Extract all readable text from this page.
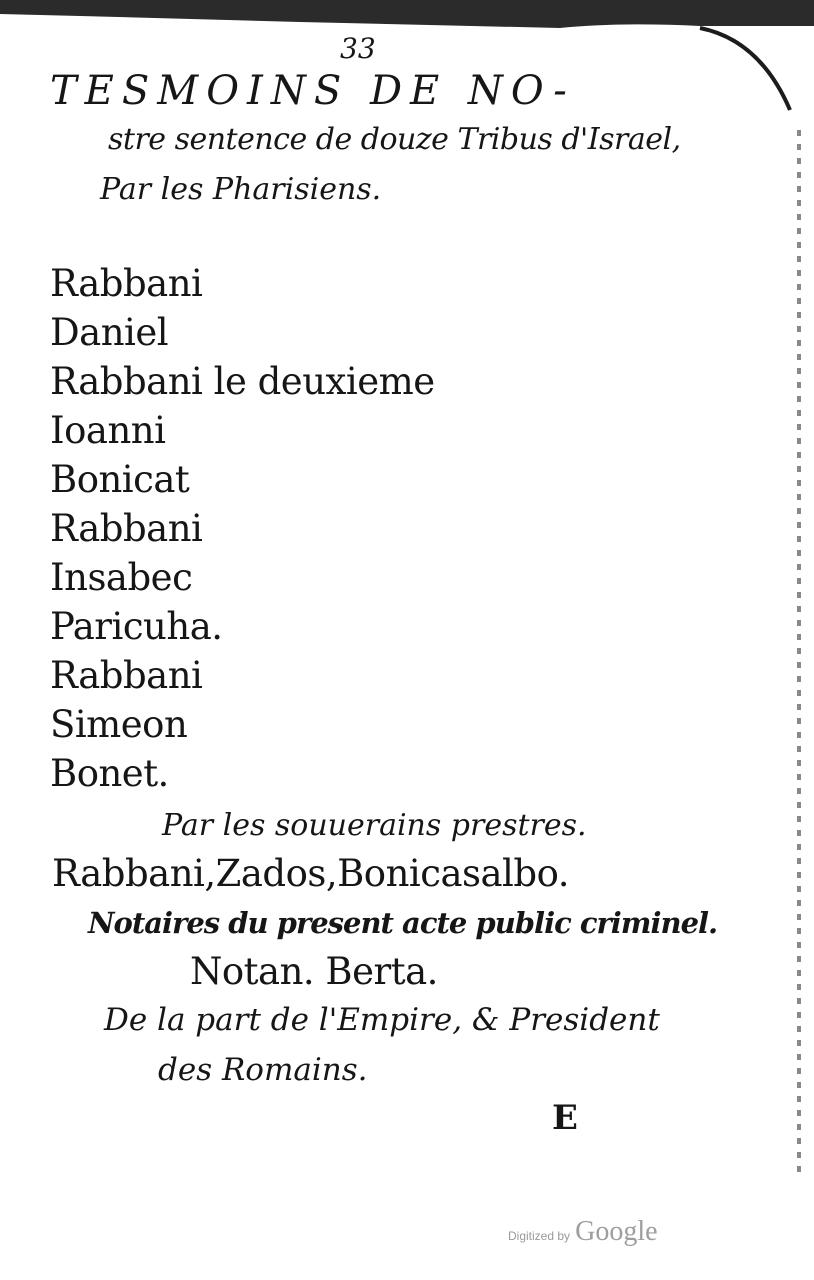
33
TESMOINS DE NO-
stre sentence de douze Tribus d'Israel,
Par les Pharisiens.
Rabbani
Daniel
Rabbani le deuxieme
Ioanni
Bonicat
Rabbani
Insabec
Paricuha.
Rabbani
Simeon
Bonet.
Par les souuerains prestres.
Rabbani,Zados,Bonicasalbo.
Notaires du present acte public criminel.
Notan. Berta.
De la part de l'Empire, & President
des Romains.
E
Digitized by Google
